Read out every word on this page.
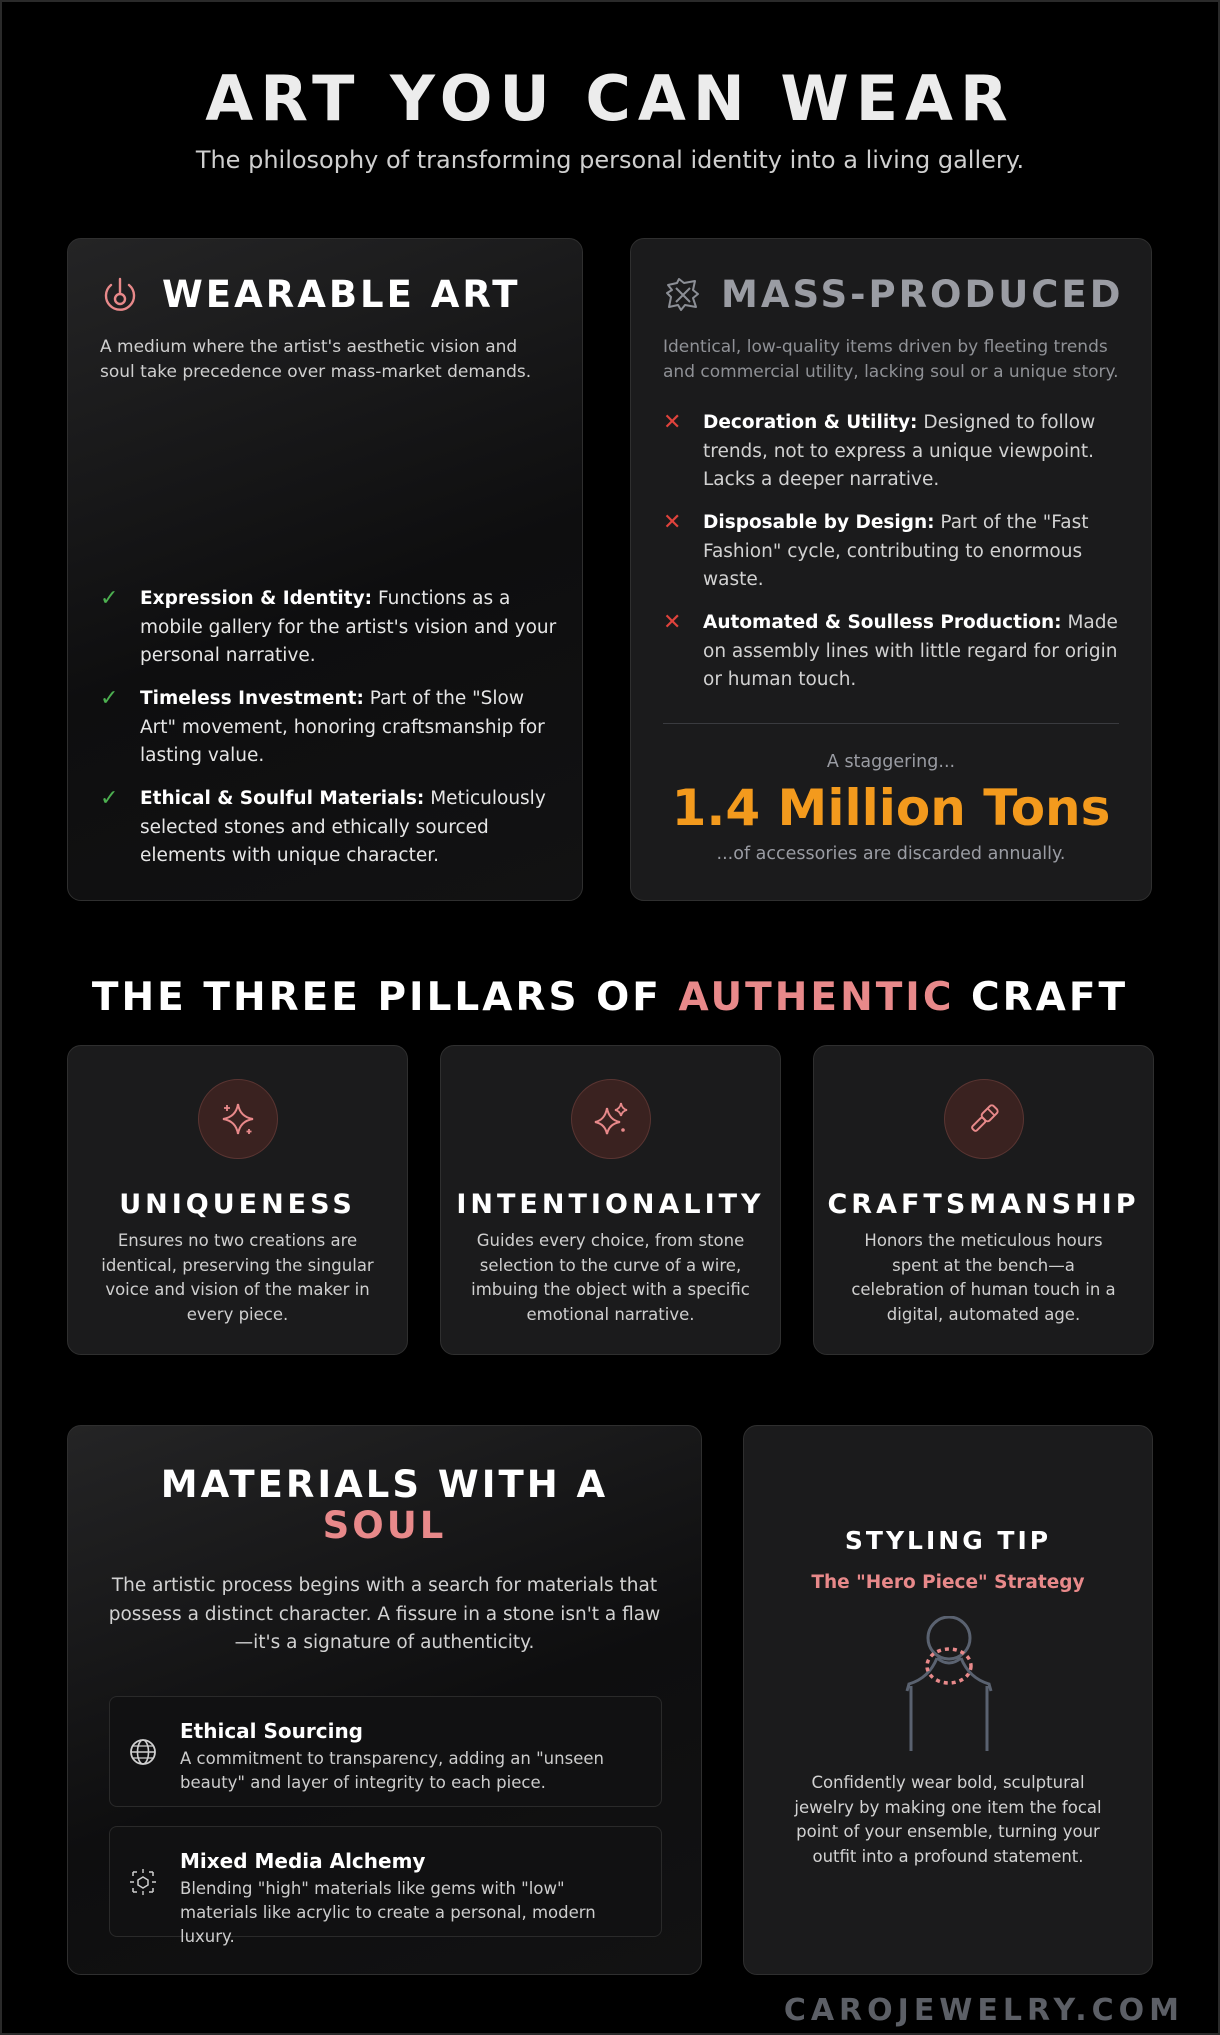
ART YOU CAN WEAR
The philosophy of transforming personal identity into a living gallery.
WEARABLE ART
A medium where the artist's aesthetic vision and soul take precedence over mass-market demands.
✓	Expression & Identity: Functions as a mobile gallery for the artist's vision and your personal narrative.
✓	Timeless Investment: Part of the "Slow Art" movement, honoring craftsmanship for lasting value.
✓	Ethical & Soulful Materials: Meticulously selected stones and ethically sourced elements with unique character.
MASS-PRODUCED
Identical, low-quality items driven by fleeting trends and commercial utility, lacking soul or a unique story.
✕	Decoration & Utility: Designed to follow trends, not to express a unique viewpoint. Lacks a deeper narrative.
✕	Disposable by Design: Part of the "Fast Fashion" cycle, contributing to enormous waste.
✕	Automated & Soulless Production: Made on assembly lines with little regard for origin or human touch.
A staggering...
1.4 Million Tons
...of accessories are discarded annually.
THE THREE PILLARS OF AUTHENTIC CRAFT
UNIQUENESS
Ensures no two creations are identical, preserving the singular voice and vision of the maker in every piece.
INTENTIONALITY
Guides every choice, from stone selection to the curve of a wire, imbuing the object with a specific emotional narrative.
CRAFTSMANSHIP
Honors the meticulous hours spent at the bench—a celebration of human touch in a digital, automated age.
MATERIALS WITH A
SOUL
The artistic process begins with a search for materials that possess a distinct character. A fissure in a stone isn't a flaw—it's a signature of authenticity.
Ethical Sourcing
A commitment to transparency, adding an "unseen beauty" and layer of integrity to each piece.
Mixed Media Alchemy
Blending "high" materials like gems with "low" materials like acrylic to create a personal, modern luxury.
STYLING TIP
The "Hero Piece" Strategy
Confidently wear bold, sculptural jewelry by making one item the focal point of your ensemble, turning your outfit into a profound statement.
CAROJEWELRY.COM
